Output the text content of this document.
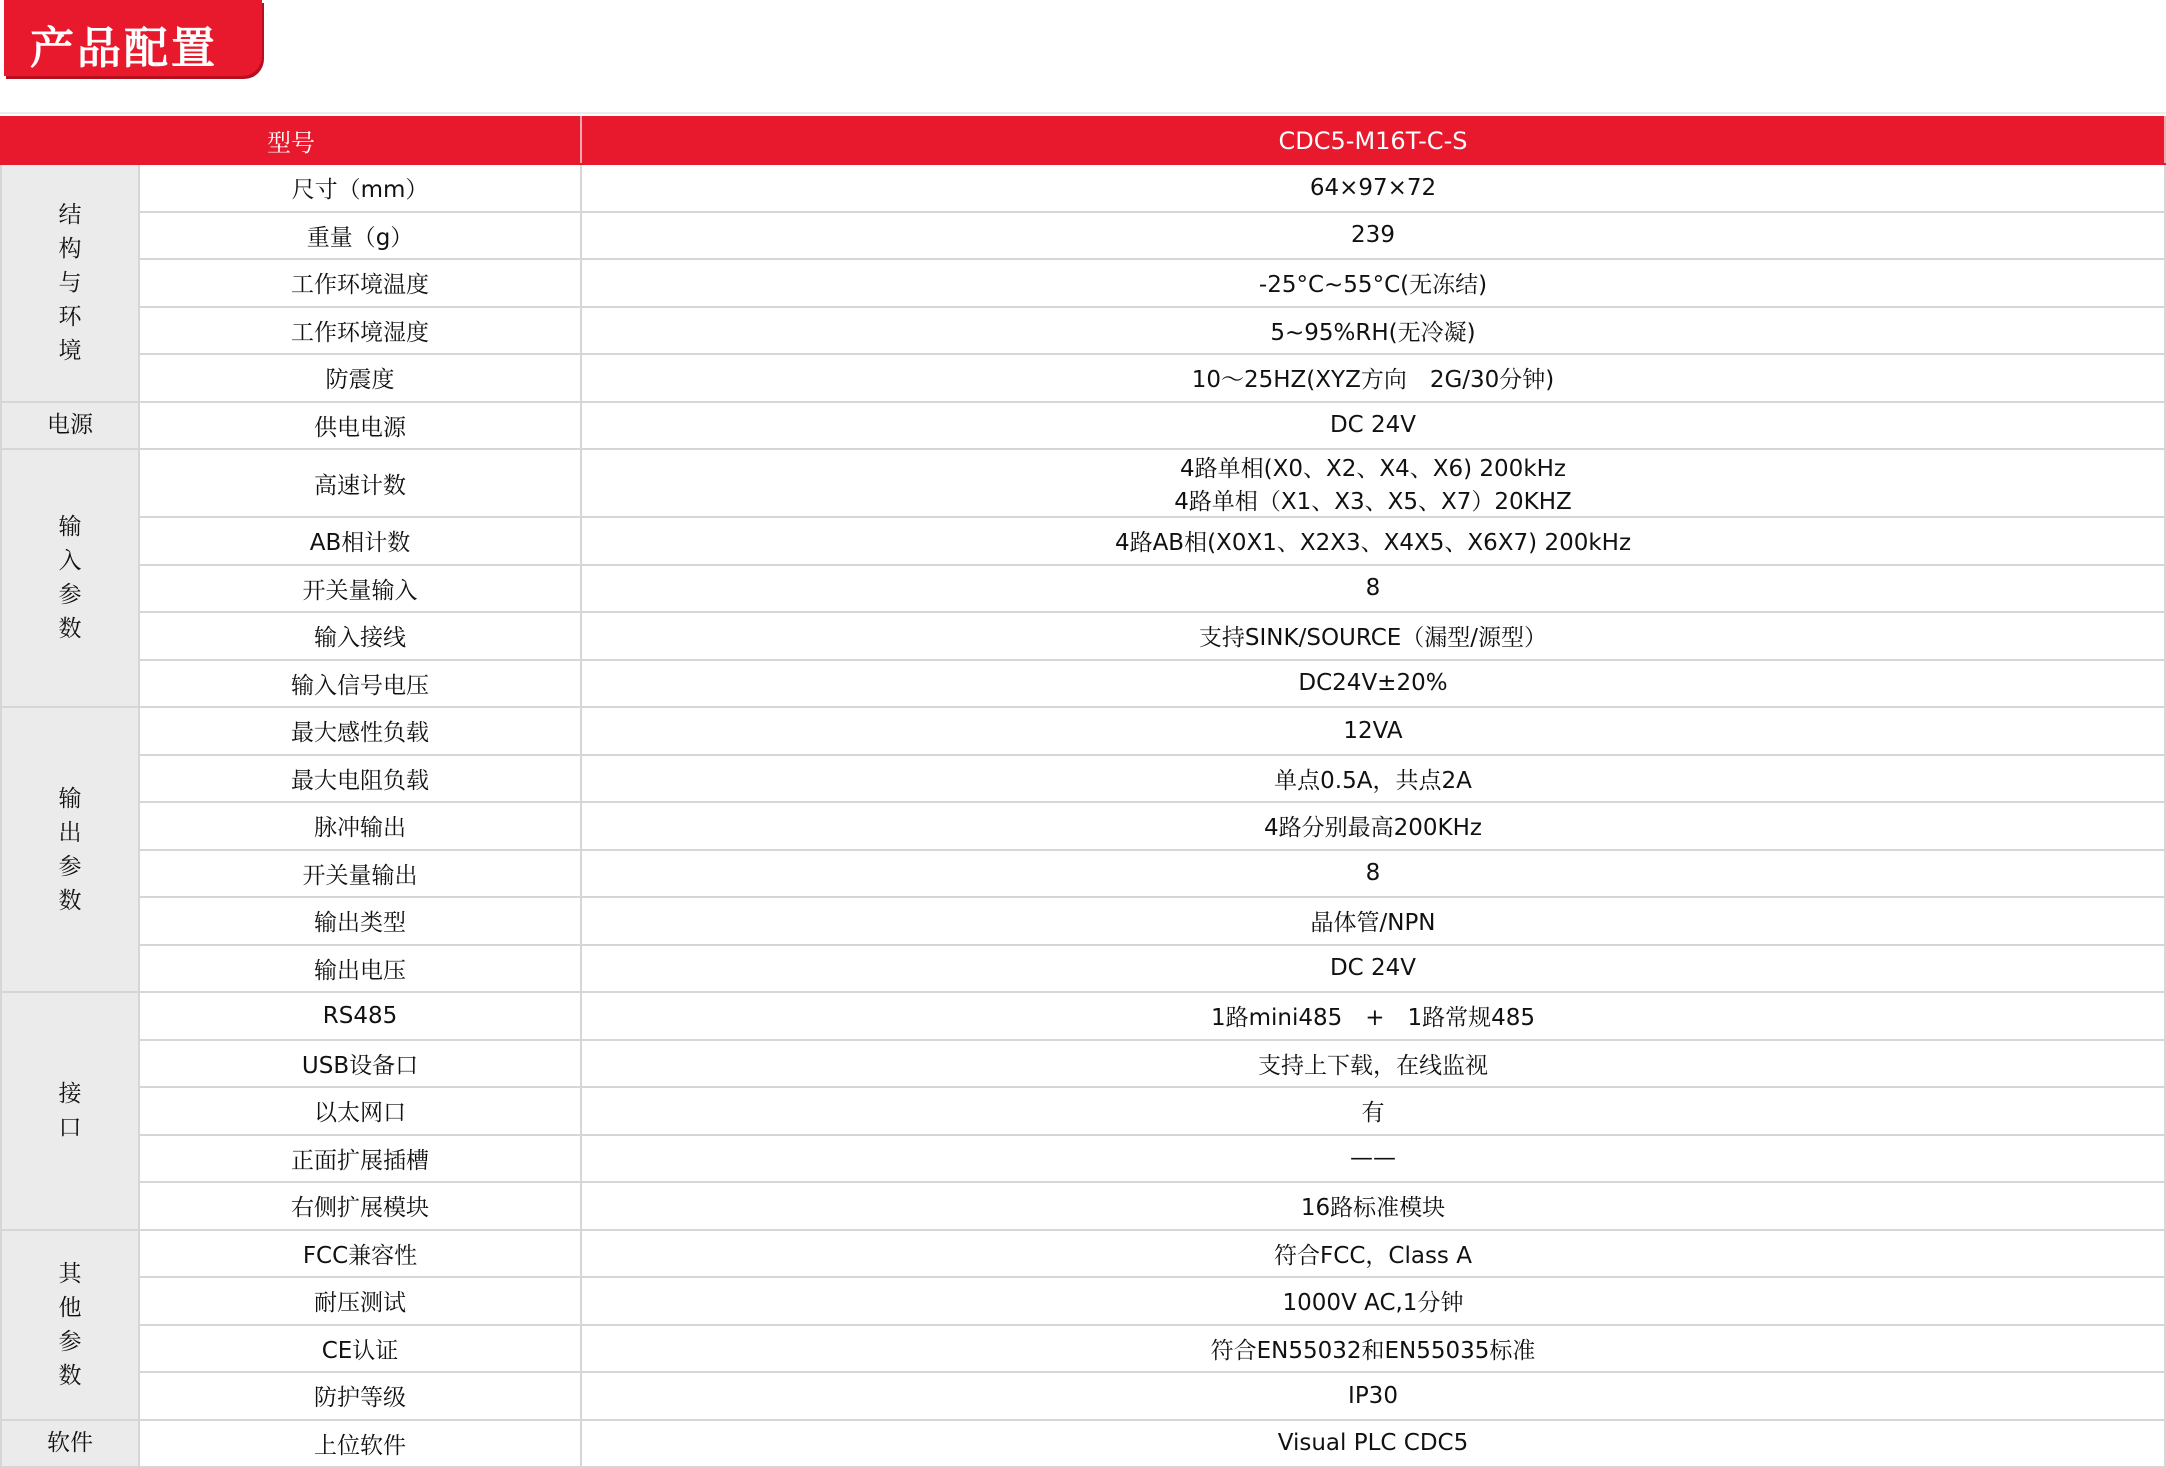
产品配置
型号		CDC5-M16T-C-S
结
构
与
环
境	尺寸（mm）	64×97×72
	重量（g）	239
	工作环境温度	-25°C~55°C(无冻结)
	工作环境湿度	5~95%RH(无冷凝)
	防震度	10～25HZ(XYZ方向　2G/30分钟)
电源	供电电源	DC 24V
输
入
参
数	高速计数	4路单相(X0、X2、X4、X6) 200kHz
4路单相（X1、X3、X5、X7）20KHZ

	AB相计数	4路AB相(X0X1、X2X3、X4X5、X6X7) 200kHz
	开关量输入	8
	输入接线	支持SINK/SOURCE（漏型/源型）
	输入信号电压	DC24V±20%
输
出
参
数	最大感性负载	12VA
	最大电阻负载	单点0.5A，共点2A
	脉冲输出	4路分别最高200KHz
	开关量输出	8
	输出类型	晶体管/NPN
	输出电压	DC 24V
接
口	RS485	1路mini485　+　1路常规485
	USB设备口	支持上下载，在线监视
	以太网口	有
	正面扩展插槽	——
	右侧扩展模块	16路标准模块
其
他
参
数	FCC兼容性	符合FCC，Class A
	耐压测试	1000V AC,1分钟
	CE认证	符合EN55032和EN55035标准
	防护等级	IP30
软件	上位软件	Visual PLC CDC5
